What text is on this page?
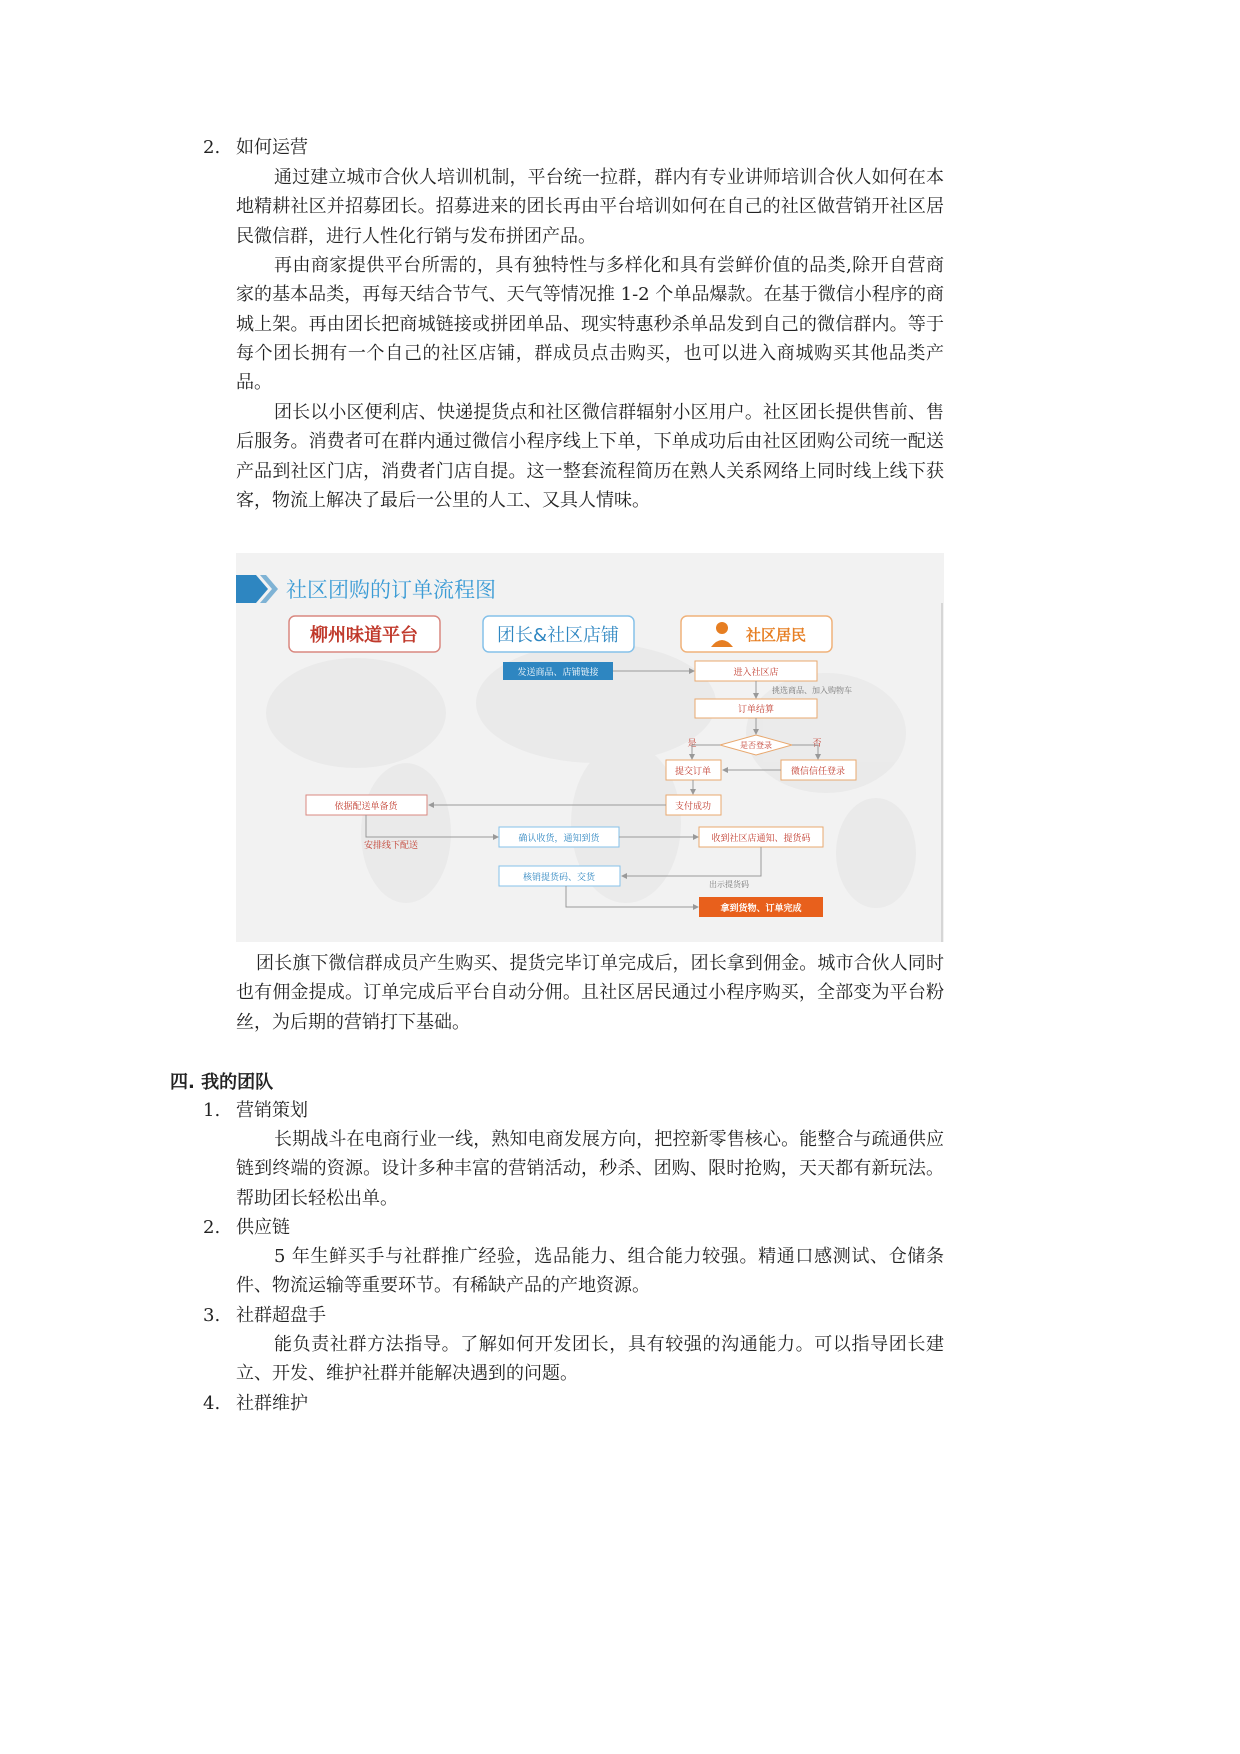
2. 如何运营

通过建立城市合伙人培训机制，平台统一拉群，群内有专业讲师培训合伙人如何在本地精耕社区并招募团长。招募进来的团长再由平台培训如何在自己的社区做营销开社区居民微信群，进行人性化行销与发布拼团产品。

再由商家提供平台所需的，具有独特性与多样化和具有尝鲜价值的品类,除开自营商家的基本品类，再每天结合节气、天气等情况推 1-2 个单品爆款。在基于微信小程序的商城上架。再由团长把商城链接或拼团单品、现实特惠秒杀单品发到自己的微信群内。等于每个团长拥有一个自己的社区店铺，群成员点击购买，也可以进入商城购买其他品类产品。

团长以小区便利店、快递提货点和社区微信群辐射小区用户。社区团长提供售前、售后服务。消费者可在群内通过微信小程序线上下单，下单成功后由社区团购公司统一配送产品到社区门店，消费者门店自提。这一整套流程简历在熟人关系网络上同时线上线下获客，物流上解决了最后一公里的人工、又具人情味。

社区团购的订单流程图
柳州味道平台	团长&社区店铺	社区居民
发送商品、店铺链接	进入社区店
挑选商品、加入购物车
订单结算
是否登录
是	否
提交订单	微信信任登录
支付成功
依据配送单备货
安排线下配送
确认收货，通知到货	收到社区店通知、提货码
出示提货码
核销提货码、交货
拿到货物、订单完成

团长旗下微信群成员产生购买、提货完毕订单完成后，团长拿到佣金。城市合伙人同时也有佣金提成。订单完成后平台自动分佣。且社区居民通过小程序购买，全部变为平台粉丝，为后期的营销打下基础。

四. 我的团队
1. 营销策划

长期战斗在电商行业一线，熟知电商发展方向，把控新零售核心。能整合与疏通供应链到终端的资源。设计多种丰富的营销活动，秒杀、团购、限时抢购，天天都有新玩法。帮助团长轻松出单。

2. 供应链

5 年生鲜买手与社群推广经验，选品能力、组合能力较强。精通口感测试、仓储条件、物流运输等重要环节。有稀缺产品的产地资源。

3. 社群超盘手

能负责社群方法指导。了解如何开发团长，具有较强的沟通能力。可以指导团长建立、开发、维护社群并能解决遇到的问题。

4. 社群维护
